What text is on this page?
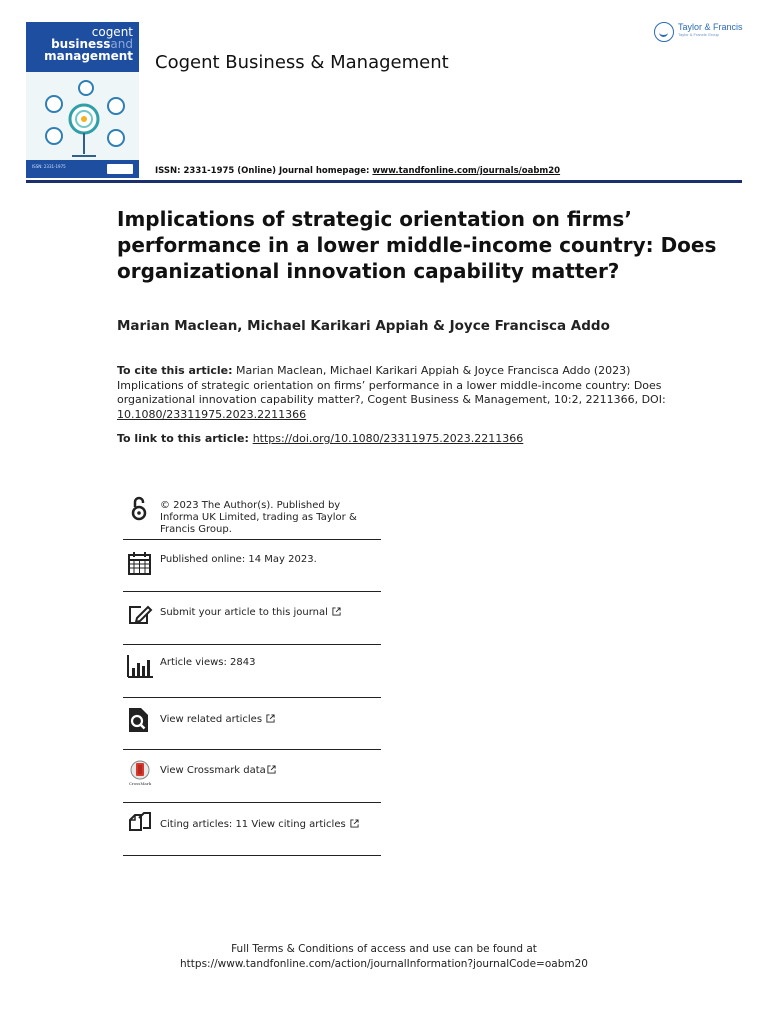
cogent
businessand
management
ISSN: 2331-1975
Cogent Business & Management
Taylor & Francis
Taylor & Francis Group
ISSN: 2331-1975 (Online) Journal homepage: www.tandfonline.com/journals/oabm20
Implications of strategic orientation on firms’ performance in a lower middle-income country: Does organizational innovation capability matter?
Marian Maclean, Michael Karikari Appiah & Joyce Francisca Addo
To cite this article: Marian Maclean, Michael Karikari Appiah & Joyce Francisca Addo (2023) Implications of strategic orientation on firms’ performance in a lower middle-income country: Does organizational innovation capability matter?, Cogent Business & Management, 10:2, 2211366, DOI: 10.1080/23311975.2023.2211366
To link to this article: https://doi.org/10.1080/23311975.2023.2211366
© 2023 The Author(s). Published by Informa UK Limited, trading as Taylor & Francis Group.
Published online: 14 May 2023.
Submit your article to this journal
Article views: 2843
View related articles
CrossMark
View Crossmark data
Citing articles: 11 View citing articles
Full Terms & Conditions of access and use can be found at
https://www.tandfonline.com/action/journalInformation?journalCode=oabm20
